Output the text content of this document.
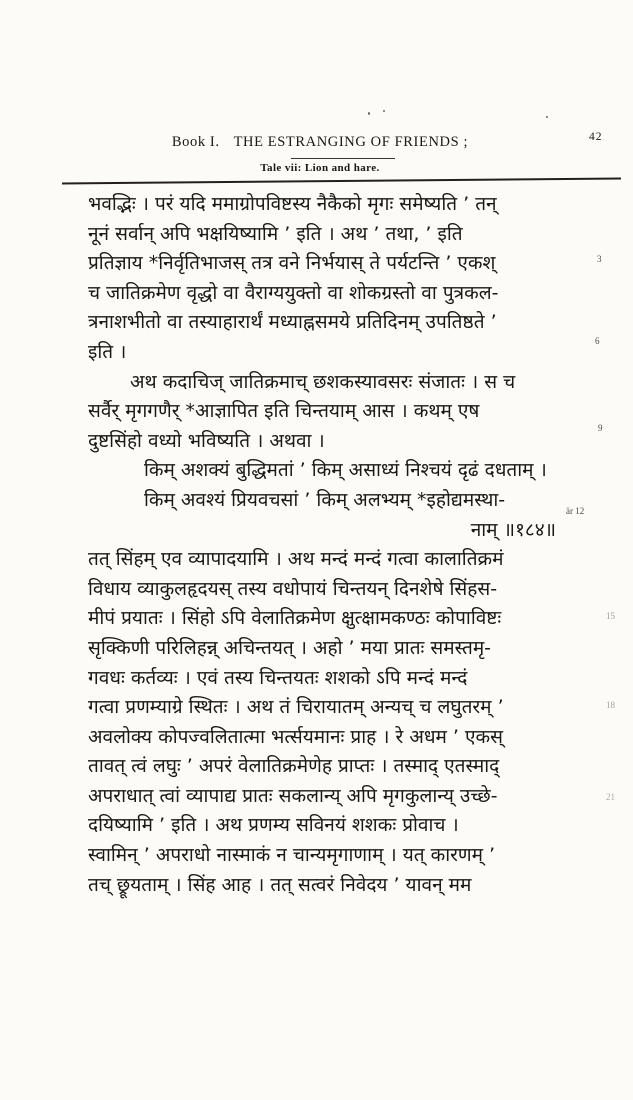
Book I. THE ESTRANGING OF FRIENDS ;	42
Tale vii: Lion and hare.
भवद्भिः । परं यदि ममाग्रोपविष्टस्य नैकैको मृगः समेष्यति ’ तन्
नूनं सर्वान् अपि भक्षयिष्यामि ’ इति । अथ ’ तथा, ’ इति
प्रतिज्ञाय *निर्वृतिभाजस् तत्र वने निर्भयास् ते पर्यटन्ति ’ एकश्
च जातिक्रमेण वृद्धो वा वैराग्ययुक्तो वा शोकग्रस्तो वा पुत्रकल-
त्रनाशभीतो वा तस्याहारार्थं मध्याह्नसमये प्रतिदिनम् उपतिष्ठते ’
इति ।
अथ कदाचिज् जातिक्रमाच् छशकस्यावसरः संजातः । स च
सर्वैर् मृगगणैर् *आज्ञापित इति चिन्तयाम् आस । कथम् एष
दुष्टसिंहो वध्यो भविष्यति । अथवा ।
किम् अशक्यं बुद्धिमतां ’ किम् असाध्यं निश्चयं दृढं दधताम् ।
किम् अवश्यं प्रियवचसां ’ किम् अलभ्यम् *इहोद्यमस्था-
नाम् ॥१८४॥
तत् सिंहम् एव व्यापादयामि । अथ मन्दं मन्दं गत्वा कालातिक्रमं
विधाय व्याकुलहृदयस् तस्य वधोपायं चिन्तयन् दिनशेषे सिंहस-
मीपं प्रयातः । सिंहो ऽपि वेलातिक्रमेण क्षुत्क्षामकण्ठः कोपाविष्टः
सृक्किणी परिलिहन्न् अचिन्तयत् । अहो ’ मया प्रातः समस्तमृ-
गवधः कर्तव्यः । एवं तस्य चिन्तयतः शशको ऽपि मन्दं मन्दं
गत्वा प्रणम्याग्रे स्थितः । अथ तं चिरायातम् अन्यच् च लघुतरम् ’
अवलोक्य कोपज्वलितात्मा भर्त्सयमानः प्राह । रे अधम ’ एकस्
तावत् त्वं लघुः ’ अपरं वेलातिक्रमेणेह प्राप्तः । तस्माद् एतस्माद्
अपराधात् त्वां व्यापाद्य प्रातः सकलान्य् अपि मृगकुलान्य् उच्छे-
दयिष्यामि ’ इति । अथ प्रणम्य सविनयं शशकः प्रोवाच ।
स्वामिन् ’ अपराधो नास्माकं न चान्यमृगाणाम् । यत् कारणम् ’
तच् छ्रूयताम् । सिंह आह । तत् सत्वरं निवेदय ’ यावन् मम
3
6
9
är 12
15
18
21
